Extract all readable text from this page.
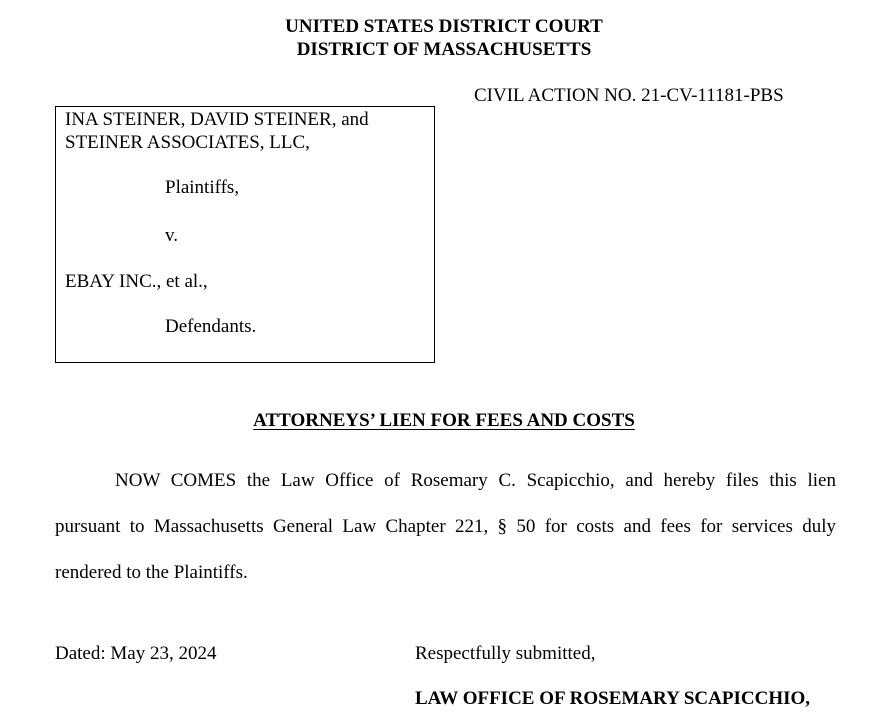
UNITED STATES DISTRICT COURT
DISTRICT OF MASSACHUSETTS
CIVIL ACTION NO. 21-CV-11181-PBS
INA STEINER, DAVID STEINER, and
STEINER ASSOCIATES, LLC,
Plaintiffs,
v.
EBAY INC., et al.,
Defendants.
ATTORNEYS’ LIEN FOR FEES AND COSTS
NOW COMES the Law Office of Rosemary C. Scapicchio, and hereby files this lien
pursuant to Massachusetts General Law Chapter 221, § 50 for costs and fees for services duly
rendered to the Plaintiffs.
Dated: May 23, 2024	Respectfully submitted,
LAW OFFICE OF ROSEMARY SCAPICCHIO,
